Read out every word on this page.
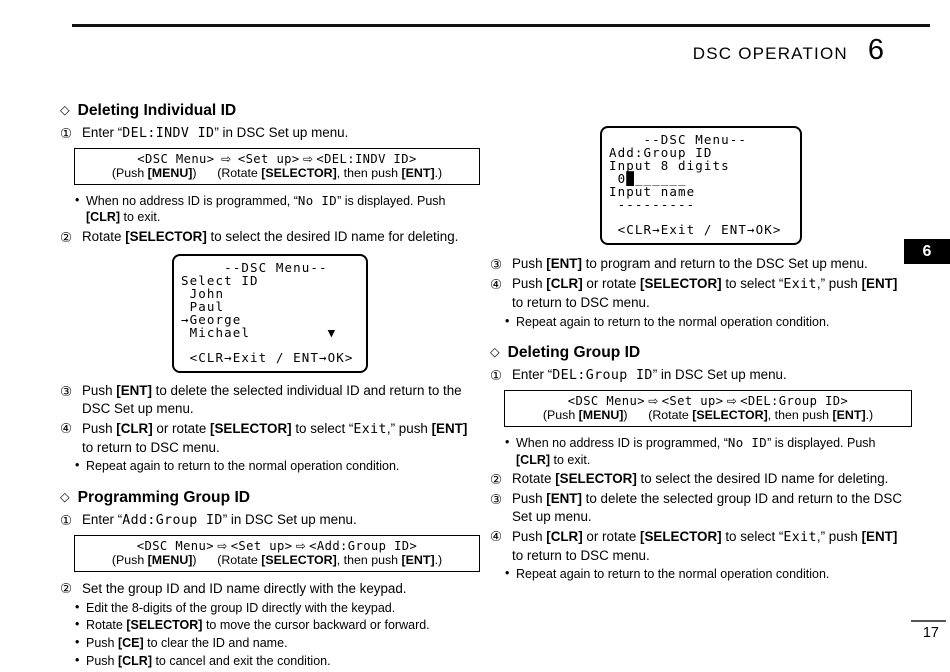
DSC OPERATION 6
6
17
◇ Deleting Individual ID
① Enter “DEL:INDV ID” in DSC Set up menu.
<DSC Menu>  ⇨  <Set up> ⇨ <DEL:INDV ID>
(Push [MENU])      (Rotate [SELECTOR], then push [ENT].)
• When no address ID is programmed, “No ID” is displayed. Push [CLR] to exit.
② Rotate [SELECTOR] to select the desired ID name for deleting.
--DSC Menu--
Select ID
John
Paul
→George
Michael         ▼

<CLR→Exit / ENT→OK>
③ Push [ENT] to delete the selected individual ID and return to the DSC Set up menu.
④ Push [CLR] or rotate [SELECTOR] to select “Exit,” push [ENT] to return to DSC menu.
• Repeat again to return to the normal operation condition.
◇ Programming Group ID
① Enter “Add:Group ID” in DSC Set up menu.
<DSC Menu> ⇨ <Set up> ⇨ <Add:Group ID>
(Push [MENU])      (Rotate [SELECTOR], then push [ENT].)
② Set the group ID and ID name directly with the keypad.
• Edit the 8-digits of the group ID directly with the keypad.
• Rotate [SELECTOR] to move the cursor backward or forward.
• Push [CE] to clear the ID and name.
• Push [CLR] to cancel and exit the condition.
--DSC Menu--
Add:Group ID
Input 8 digits
0█______
Input name
---------

<CLR→Exit / ENT→OK>
③ Push [ENT] to program and return to the DSC Set up menu.
④ Push [CLR] or rotate [SELECTOR] to select “Exit,” push [ENT] to return to DSC menu.
• Repeat again to return to the normal operation condition.
◇ Deleting Group ID
① Enter “DEL:Group ID” in DSC Set up menu.
<DSC Menu> ⇨ <Set up> ⇨ <DEL:Group ID>
(Push [MENU])      (Rotate [SELECTOR], then push [ENT].)
• When no address ID is programmed, “No ID” is displayed. Push [CLR] to exit.
② Rotate [SELECTOR] to select the desired ID name for deleting.
③ Push [ENT] to delete the selected group ID and return to the DSC Set up menu.
④ Push [CLR] or rotate [SELECTOR] to select “Exit,” push [ENT] to return to DSC menu.
• Repeat again to return to the normal operation condition.
